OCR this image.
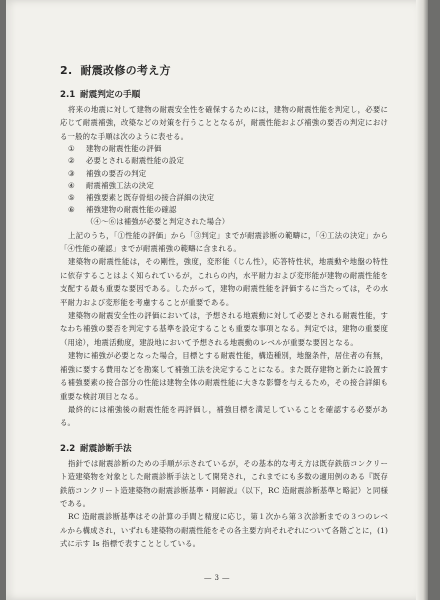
2. 耐震改修の考え方
2.1 耐震判定の手順

将来の地震に対して建物の耐震安全性を確保するためには，建物の耐震性能を判定し，必要に応じて耐震補強，改築などの対策を行うこととなるが，耐震性能および補強の要否の判定における一般的な手順は次のように表せる。

① 建物の耐震性能の評価
② 必要とされる耐震性能の設定
③ 補強の要否の判定
④ 耐震補強工法の決定
⑤ 補強要素と既存骨組の接合詳細の決定
⑥ 補強建物の耐震性能の確認
（④～⑥は補強が必要と判定された場合）

上記のうち，「①性能の評価」から「③判定」までが耐震診断の範疇に，「④工法の決定」から「④性能の確認」までが耐震補強の範疇に含まれる。

建築物の耐震性能は，その剛性，強度，変形能（じん性），応答特性状，地震動や地盤の特性に依存することはよく知られているが，これらの内，水平耐力および変形能が建物の耐震性能を支配する最も重要な要因である。したがって，建物の耐震性能を評価するに当たっては，その水平耐力および変形能を考慮することが重要である。

建築物の耐震安全性の評価においては，予想される地震動に対して必要とされる耐震性能，すなわち補強の要否を判定する基準を設定することも重要な事項となる。判定では，建物の重要度（用途），地震活動度，建設地において予想される地震動のレベルが重要な要因となる。

建物に補強が必要となった場合，目標とする耐震性能，構造種別，地盤条件，居住者の有無，補強に要する費用などを勘案して補強工法を決定することになる。また既存建物と新たに設置する補強要素の接合部分の性能は建物全体の耐震性能に大きな影響を与えるため，その接合詳細も重要な検討項目となる。

最終的には補強後の耐震性能を再評価し，補強目標を満足していることを確認する必要がある。

2.2 耐震診断手法

指針では耐震診断のための手順が示されているが，その基本的な考え方は既存鉄筋コンクリート造建築物を対象とした耐震診断手法として開発され，これまでにも多数の適用例のある『既存鉄筋コンクリート造建築物の耐震診断基準・同解説』（以下，RC 造耐震診断基準と略記）と同様である。

RC 造耐震診断基準はその計算の手間と精度に応じ，第１次から第３次診断までの３つのレベルから構成され，いずれも建築物の耐震性能をその各主要方向それぞれについて各階ごとに，(1)式に示す Is 指標で表すこととしている。

― 3 ―
